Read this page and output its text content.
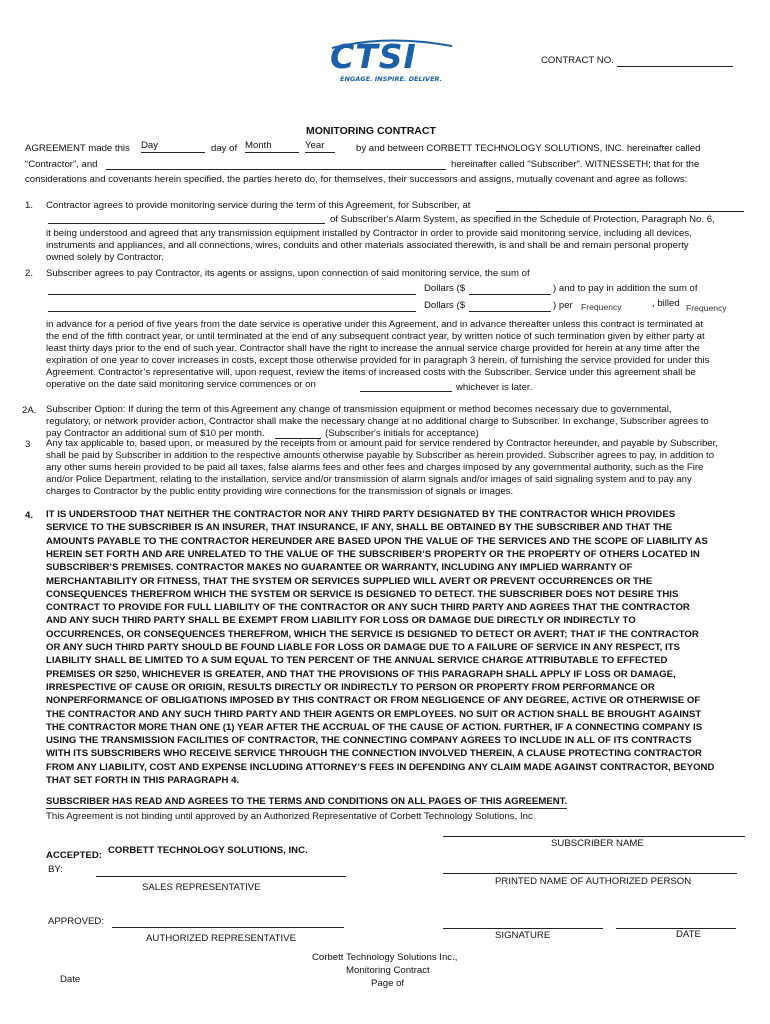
CTSI
ENGAGE. INSPIRE. DELIVER.
CONTRACT NO.
MONITORING CONTRACT
AGREEMENT made this Day	day of Month	Year	by and between CORBETT TECHNOLOGY SOLUTIONS, INC. hereinafter called
“Contractor”, and	hereinafter called "Subscriber". WITNESSETH; that for the
considerations and covenants herein specified, the parties hereto do, for themselves, their successors and assigns, mutually covenant and agree as follows:
1. Contractor agrees to provide monitoring service during the term of this Agreement, for Subscriber, at
of Subscriber's Alarm System, as specified in the Schedule of Protection, Paragraph No. 6,
it being understood and agreed that any transmission equipment installed by Contractor in order to provide said monitoring service, including all devices,
instruments and appliances, and all connections, wires, conduits and other materials associated therewith, is and shall be and remain personal property
owned solely by Contractor.
2. Subscriber agrees to pay Contractor, its agents or assigns, upon connection of said monitoring service, the sum of
Dollars ($	) and to pay in addition the sum of
Dollars ($	) per Frequency	, billed Frequency
in advance for a period of five years from the date service is operative under this Agreement, and in advance thereafter unless this contract is terminated at
the end of the fifth contract year, or until terminated at the end of any subsequent contract year, by written notice of such termination given by either party at
least thirty days prior to the end of such year. Contractor shall have the right to increase the annual service charge provided for herein at any time after the
expiration of one year to cover increases in costs, except those otherwise provided for in paragraph 3 herein, of furnishing the service provided for under this
Agreement. Contractor’s representative will, upon request, review the items of increased costs with the Subscriber. Service under this agreement shall be
operative on the date said monitoring service commences or on	whichever is later.
2A. Subscriber Option: If during the term of this Agreement any change of transmission equipment or method becomes necessary due to governmental,
regulatory, or network provider action, Contractor shall make the necessary change at no additional charge to Subscriber. In exchange, Subscriber agrees to
pay Contractor an additional sum of $10 per month.	(Subscriber's initials for acceptance)
3 Any tax applicable to, based upon, or measured by the receipts from or amount paid for service rendered by Contractor hereunder, and payable by Subscriber,
shall be paid by Subscriber in addition to the respective amounts otherwise payable by Subscriber as herein provided. Subscriber agrees to pay, in addition to
any other sums herein provided to be paid all taxes, false alarms fees and other fees and charges imposed by any governmental authority, such as the Fire
and/or Police Department, relating to the installation, service and/or transmission of alarm signals and/or images of said signaling system and to pay any
charges to Contractor by the public entity providing wire connections for the transmission of signals or images.
4. IT IS UNDERSTOOD THAT NEITHER THE CONTRACTOR NOR ANY THIRD PARTY DESIGNATED BY THE CONTRACTOR WHICH PROVIDES
SERVICE TO THE SUBSCRIBER IS AN INSURER, THAT INSURANCE, IF ANY, SHALL BE OBTAINED BY THE SUBSCRIBER AND THAT THE
AMOUNTS PAYABLE TO THE CONTRACTOR HEREUNDER ARE BASED UPON THE VALUE OF THE SERVICES AND THE SCOPE OF LIABILITY AS
HEREIN SET FORTH AND ARE UNRELATED TO THE VALUE OF THE SUBSCRIBER’S PROPERTY OR THE PROPERTY OF OTHERS LOCATED IN
SUBSCRIBER’S PREMISES. CONTRACTOR MAKES NO GUARANTEE OR WARRANTY, INCLUDING ANY IMPLIED WARRANTY OF
MERCHANTABILITY OR FITNESS, THAT THE SYSTEM OR SERVICES SUPPLIED WILL AVERT OR PREVENT OCCURRENCES OR THE
CONSEQUENCES THEREFROM WHICH THE SYSTEM OR SERVICE IS DESIGNED TO DETECT. THE SUBSCRIBER DOES NOT DESIRE THIS
CONTRACT TO PROVIDE FOR FULL LIABILITY OF THE CONTRACTOR OR ANY SUCH THIRD PARTY AND AGREES THAT THE CONTRACTOR
AND ANY SUCH THIRD PARTY SHALL BE EXEMPT FROM LIABILITY FOR LOSS OR DAMAGE DUE DIRECTLY OR INDIRECTLY TO
OCCURRENCES, OR CONSEQUENCES THEREFROM, WHICH THE SERVICE IS DESIGNED TO DETECT OR AVERT; THAT IF THE CONTRACTOR
OR ANY SUCH THIRD PARTY SHOULD BE FOUND LIABLE FOR LOSS OR DAMAGE DUE TO A FAILURE OF SERVICE IN ANY RESPECT, ITS
LIABILITY SHALL BE LIMITED TO A SUM EQUAL TO TEN PERCENT OF THE ANNUAL SERVICE CHARGE ATTRIBUTABLE TO EFFECTED
PREMISES OR $250, WHICHEVER IS GREATER, AND THAT THE PROVISIONS OF THIS PARAGRAPH SHALL APPLY IF LOSS OR DAMAGE,
IRRESPECTIVE OF CAUSE OR ORIGIN, RESULTS DIRECTLY OR INDIRECTLY TO PERSON OR PROPERTY FROM PERFORMANCE OR
NONPERFORMANCE OF OBLIGATIONS IMPOSED BY THIS CONTRACT OR FROM NEGLIGENCE OF ANY DEGREE, ACTIVE OR OTHERWISE OF
THE CONTRACTOR AND ANY SUCH THIRD PARTY AND THEIR AGENTS OR EMPLOYEES. NO SUIT OR ACTION SHALL BE BROUGHT AGAINST
THE CONTRACTOR MORE THAN ONE (1) YEAR AFTER THE ACCRUAL OF THE CAUSE OF ACTION. FURTHER, IF A CONNECTING COMPANY IS
USING THE TRANSMISSION FACILITIES OF CONTRACTOR, THE CONNECTING COMPANY AGREES TO INCLUDE IN ALL OF ITS CONTRACTS
WITH ITS SUBSCRIBERS WHO RECEIVE SERVICE THROUGH THE CONNECTION INVOLVED THEREIN, A CLAUSE PROTECTING CONTRACTOR
FROM ANY LIABILITY, COST AND EXPENSE INCLUDING ATTORNEY’S FEES IN DEFENDING ANY CLAIM MADE AGAINST CONTRACTOR, BEYOND
THAT SET FORTH IN THIS PARAGRAPH 4.
SUBSCRIBER HAS READ AND AGREES TO THE TERMS AND CONDITIONS ON ALL PAGES OF THIS AGREEMENT.
This Agreement is not binding until approved by an Authorized Representative of Corbett Technology Solutions, Inc
ACCEPTED: CORBETT TECHNOLOGY SOLUTIONS, INC.
BY:
SALES REPRESENTATIVE
APPROVED:
AUTHORIZED REPRESENTATIVE
Date
SUBSCRIBER NAME
PRINTED NAME OF AUTHORIZED PERSON
SIGNATURE	DATE
Corbett Technology Solutions Inc.,
Monitoring Contract
Page of
